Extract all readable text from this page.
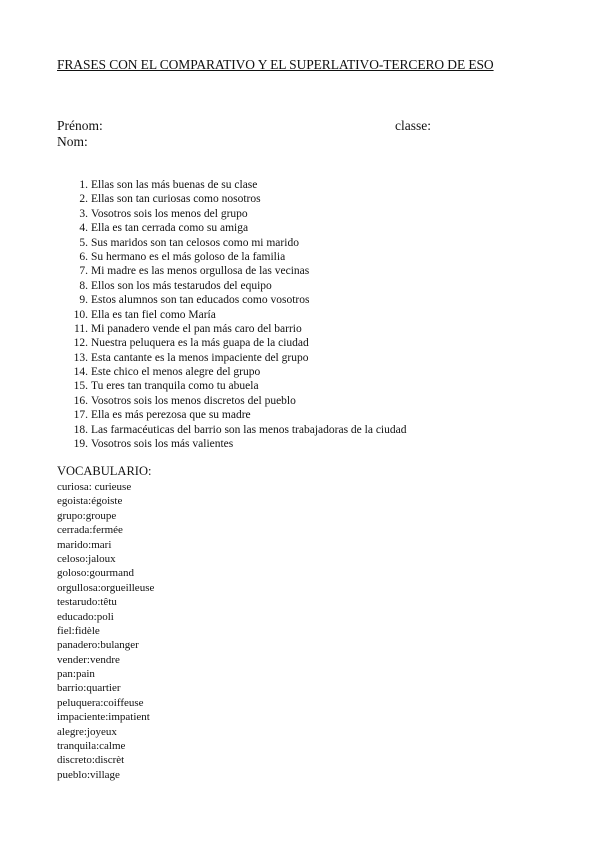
FRASES CON EL COMPARATIVO Y EL SUPERLATIVO-TERCERO DE ESO
Prénom:	classe:
Nom:
1. Ellas son las más buenas de su clase
2. Ellas son tan curiosas como nosotros
3. Vosotros sois los menos del grupo
4. Ella es tan cerrada como su amiga
5. Sus maridos son tan celosos como mi marido
6. Su hermano es el más goloso de la familia
7. Mi madre es las menos orgullosa de las vecinas
8. Ellos son los más testarudos del equipo
9. Estos alumnos son tan educados como vosotros
10. Ella es tan fiel como María
11. Mi panadero vende el pan más caro del barrio
12. Nuestra peluquera es la más guapa de la ciudad
13. Esta cantante es la menos impaciente del grupo
14. Este chico el menos alegre del grupo
15. Tu eres tan tranquila como tu abuela
16. Vosotros sois los menos discretos del pueblo
17. Ella es más perezosa que su madre
18. Las farmacéuticas del barrio son las menos trabajadoras de la ciudad
19. Vosotros sois los más valientes
VOCABULARIO:
curiosa: curieuse
egoista:égoiste
grupo:groupe
cerrada:fermée
marido:mari
celoso:jaloux
goloso:gourmand
orgullosa:orgueilleuse
testarudo:têtu
educado:poli
fiel:fidèle
panadero:bulanger
vender:vendre
pan:pain
barrio:quartier
peluquera:coiffeuse
impaciente:impatient
alegre:joyeux
tranquila:calme
discreto:discrèt
pueblo:village
